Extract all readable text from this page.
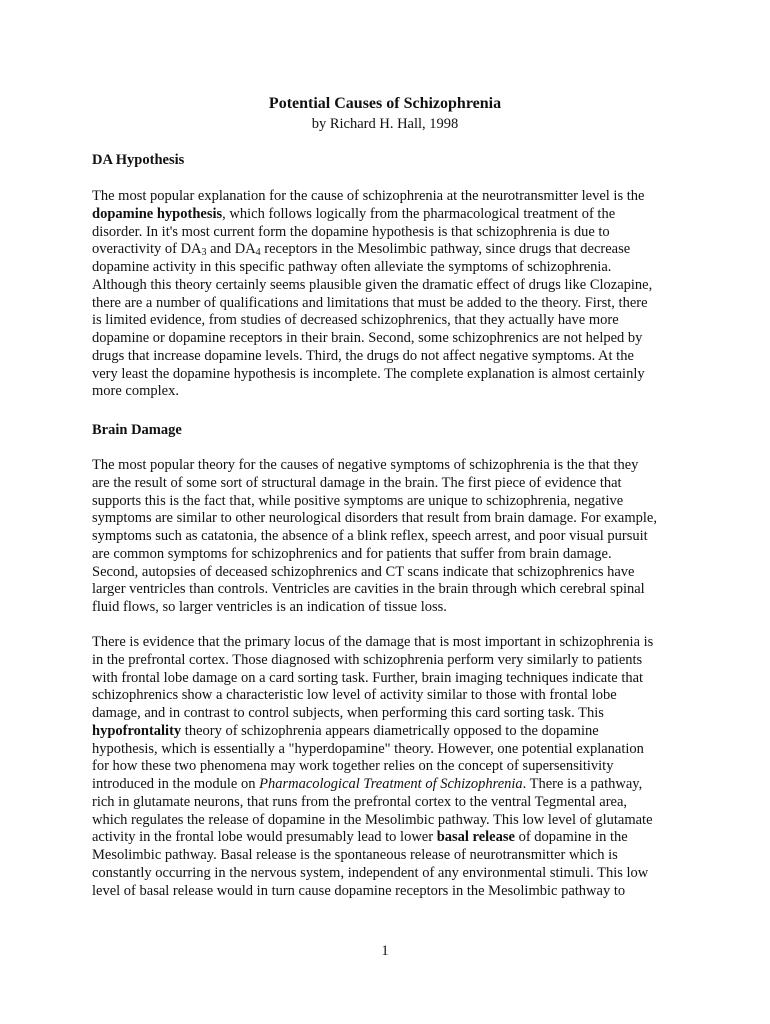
Potential Causes of Schizophrenia
by Richard H. Hall, 1998
DA Hypothesis
The most popular explanation for the cause of schizophrenia at the neurotransmitter level is the
dopamine hypothesis, which follows logically from the pharmacological treatment of the
disorder. In it's most current form the dopamine hypothesis is that schizophrenia is due to
overactivity of $DA_3$ and $DA_4$ receptors in the Mesolimbic pathway, since drugs that decrease
dopamine activity in this specific pathway often alleviate the symptoms of schizophrenia.
Although this theory certainly seems plausible given the dramatic effect of drugs like Clozapine,
there are a number of qualifications and limitations that must be added to the theory. First, there
is limited evidence, from studies of decreased schizophrenics, that they actually have more
dopamine or dopamine receptors in their brain. Second, some schizophrenics are not helped by
drugs that increase dopamine levels. Third, the drugs do not affect negative symptoms. At the
very least the dopamine hypothesis is incomplete. The complete explanation is almost certainly
more complex.
Brain Damage
The most popular theory for the causes of negative symptoms of schizophrenia is the that they
are the result of some sort of structural damage in the brain. The first piece of evidence that
supports this is the fact that, while positive symptoms are unique to schizophrenia, negative
symptoms are similar to other neurological disorders that result from brain damage. For example,
symptoms such as catatonia, the absence of a blink reflex, speech arrest, and poor visual pursuit
are common symptoms for schizophrenics and for patients that suffer from brain damage.
Second, autopsies of deceased schizophrenics and CT scans indicate that schizophrenics have
larger ventricles than controls. Ventricles are cavities in the brain through which cerebral spinal
fluid flows, so larger ventricles is an indication of tissue loss.
There is evidence that the primary locus of the damage that is most important in schizophrenia is
in the prefrontal cortex. Those diagnosed with schizophrenia perform very similarly to patients
with frontal lobe damage on a card sorting task. Further, brain imaging techniques indicate that
schizophrenics show a characteristic low level of activity similar to those with frontal lobe
damage, and in contrast to control subjects, when performing this card sorting task. This
hypofrontality theory of schizophrenia appears diametrically opposed to the dopamine
hypothesis, which is essentially a "hyperdopamine" theory. However, one potential explanation
for how these two phenomena may work together relies on the concept of supersensitivity
introduced in the module on Pharmacological Treatment of Schizophrenia. There is a pathway,
rich in glutamate neurons, that runs from the prefrontal cortex to the ventral Tegmental area,
which regulates the release of dopamine in the Mesolimbic pathway. This low level of glutamate
activity in the frontal lobe would presumably lead to lower basal release of dopamine in the
Mesolimbic pathway. Basal release is the spontaneous release of neurotransmitter which is
constantly occurring in the nervous system, independent of any environmental stimuli. This low
level of basal release would in turn cause dopamine receptors in the Mesolimbic pathway to
1
